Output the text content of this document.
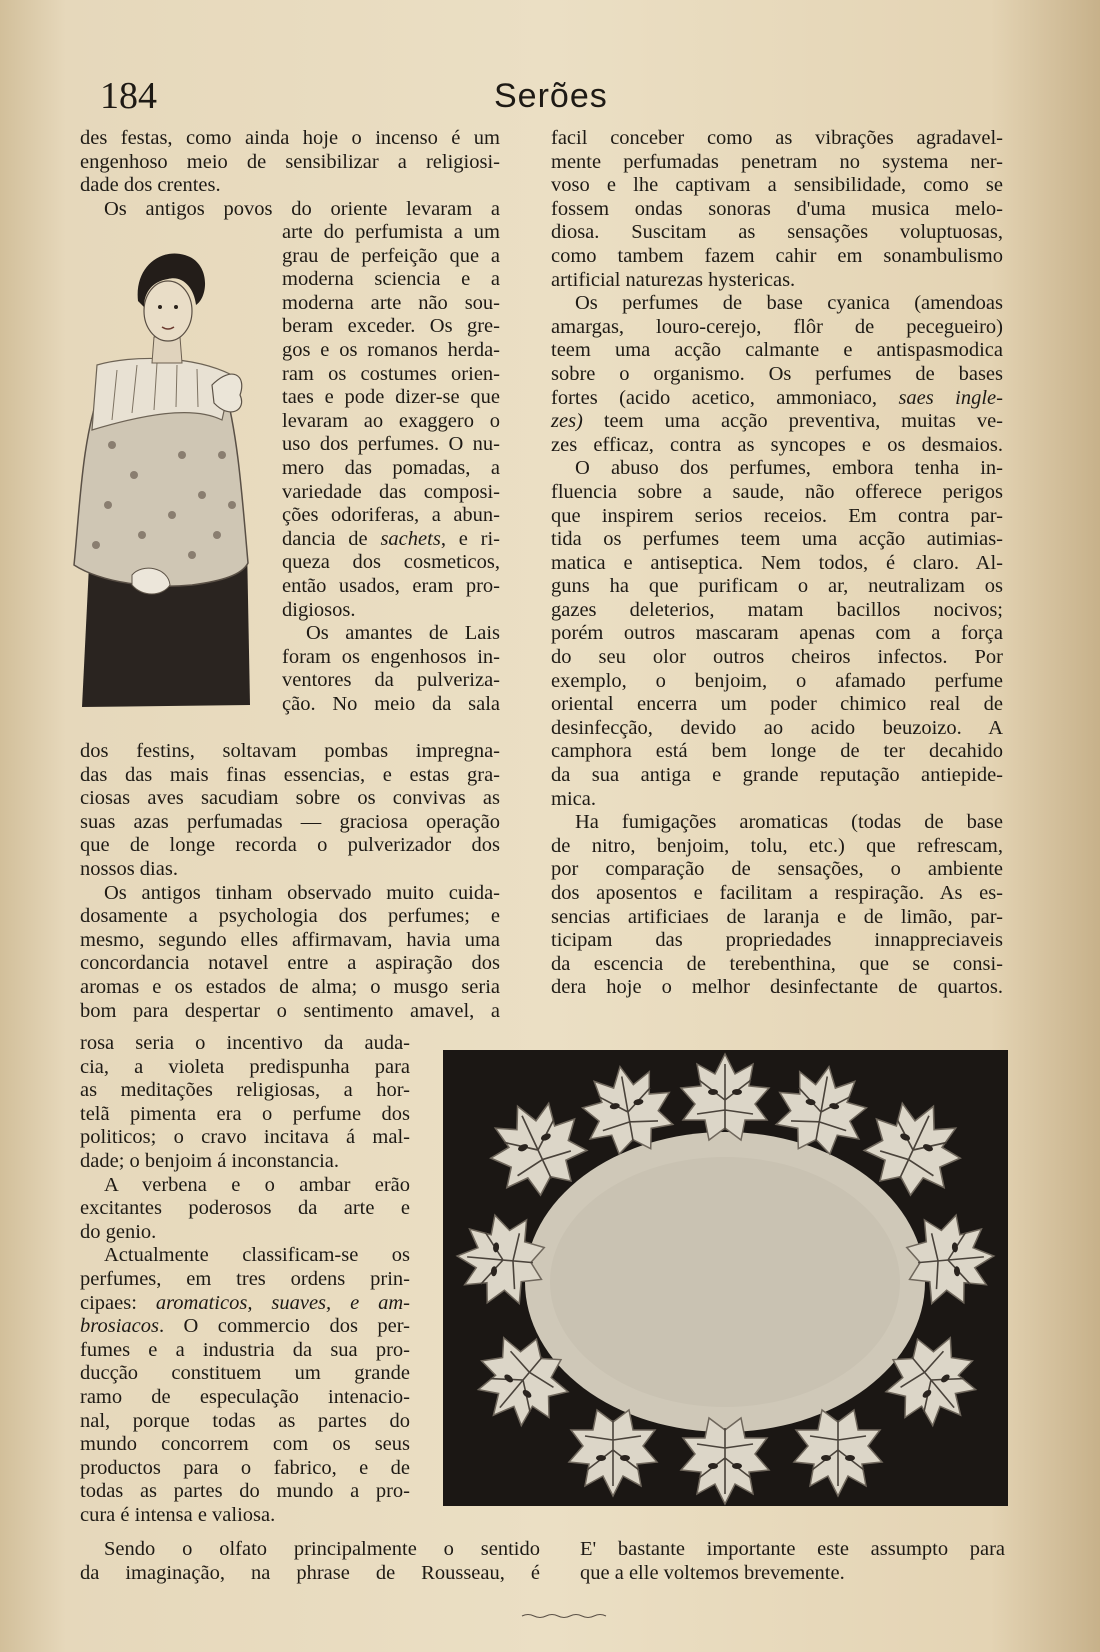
184	Serões
des festas, como ainda hoje o incenso é um
engenhoso meio de sensibilizar a religiosi-
dade dos crentes.
Os antigos povos do oriente levaram a
arte do perfumista a um
grau de perfeição que a
moderna sciencia e a
moderna arte não sou-
beram exceder. Os gre-
gos e os romanos herda-
ram os costumes orien-
taes e pode dizer-se que
levaram ao exaggero o
uso dos perfumes. O nu-
mero das pomadas, a
variedade das composi-
ções odoriferas, a abun-
dancia de sachets, e ri-
queza dos cosmeticos,
então usados, eram pro-
digiosos.
Os amantes de Lais
foram os engenhosos in-
ventores da pulveriza-
ção. No meio da sala
dos festins, soltavam pombas impregna-
das das mais finas essencias, e estas gra-
ciosas aves sacudiam sobre os convivas as
suas azas perfumadas — graciosa operação
que de longe recorda o pulverizador dos
nossos dias.
Os antigos tinham observado muito cuida-
dosamente a psychologia dos perfumes; e
mesmo, segundo elles affirmavam, havia uma
concordancia notavel entre a aspiração dos
aromas e os estados de alma; o musgo seria
bom para despertar o sentimento amavel, a
rosa seria o incentivo da auda-
cia, a violeta predispunha para
as meditações religiosas, a hor-
telã pimenta era o perfume dos
politicos; o cravo incitava á mal-
dade; o benjoim á inconstancia.
A verbena e o ambar erão
excitantes poderosos da arte e
do genio.
Actualmente classificam-se os
perfumes, em tres ordens prin-
cipaes: aromaticos, suaves, e am-
brosiacos. O commercio dos per-
fumes e a industria da sua pro-
ducção constituem um grande
ramo de especulação intenacio-
nal, porque todas as partes do
mundo concorrem com os seus
productos para o fabrico, e de
todas as partes do mundo a pro-
cura é intensa e valiosa.
facil conceber como as vibrações agradavel-
mente perfumadas penetram no systema ner-
voso e lhe captivam a sensibilidade, como se
fossem ondas sonoras d'uma musica melo-
diosa. Suscitam as sensações voluptuosas,
como tambem fazem cahir em sonambulismo
artificial naturezas hystericas.
Os perfumes de base cyanica (amendoas
amargas, louro-cerejo, flôr de pecegueiro)
teem uma acção calmante e antispasmodica
sobre o organismo. Os perfumes de bases
fortes (acido acetico, ammoniaco, saes ingle-
zes) teem uma acção preventiva, muitas ve-
zes efficaz, contra as syncopes e os desmaios.
O abuso dos perfumes, embora tenha in-
fluencia sobre a saude, não offerece perigos
que inspirem serios receios. Em contra par-
tida os perfumes teem uma acção autimias-
matica e antiseptica. Nem todos, é claro. Al-
guns ha que purificam o ar, neutralizam os
gazes deleterios, matam bacillos nocivos;
porém outros mascaram apenas com a força
do seu olor outros cheiros infectos. Por
exemplo, o benjoim, o afamado perfume
oriental encerra um poder chimico real de
desinfecção, devido ao acido beuzoizo. A
camphora está bem longe de ter decahido
da sua antiga e grande reputação antiepide-
mica.
Ha fumigações aromaticas (todas de base
de nitro, benjoim, tolu, etc.) que refrescam,
por comparação de sensações, o ambiente
dos aposentos e facilitam a respiração. As es-
sencias artificiaes de laranja e de limão, par-
ticipam das propriedades innappreciaveis
da escencia de terebenthina, que se consi-
dera hoje o melhor desinfectante de quartos.
Sendo o olfato principalmente o sentido
da imaginação, na phrase de Rousseau, é
E' bastante importante este assumpto para
que a elle voltemos brevemente.
